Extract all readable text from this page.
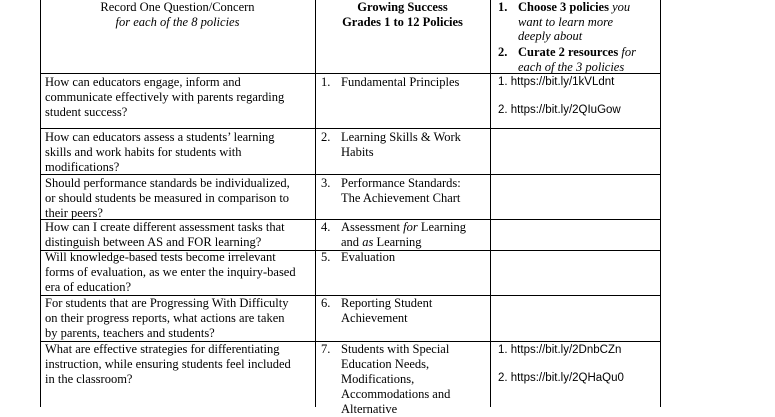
Record One Question/Concern
for each of the 8 policies
Growing Success
Grades 1 to 12 Policies
1. Choose 3 policies you
want to learn more
deeply about
2. Curate 2 resources for
each of the 3 policies
How can educators engage, inform and
communicate effectively with parents regarding
student success?
1. Fundamental Principles	1. https://bit.ly/1kVLdnt
2. https://bit.ly/2QIuGow
How can educators assess a students’ learning
skills and work habits for students with
modifications?
2. Learning Skills & Work
Habits
Should performance standards be individualized,
or should students be measured in comparison to
their peers?
3. Performance Standards:
The Achievement Chart
How can I create different assessment tasks that
distinguish between AS and FOR learning?
4. Assessment for Learning
and as Learning
Will knowledge-based tests become irrelevant
forms of evaluation, as we enter the inquiry-based
era of education?
5. Evaluation
For students that are Progressing With Difficulty
on their progress reports, what actions are taken
by parents, teachers and students?
6. Reporting Student
Achievement
What are effective strategies for differentiating
instruction, while ensuring students feel included
in the classroom?
7. Students with Special
Education Needs,
Modifications,
Accommodations and
Alternative
1. https://bit.ly/2DnbCZn
2. https://bit.ly/2QHaQu0
